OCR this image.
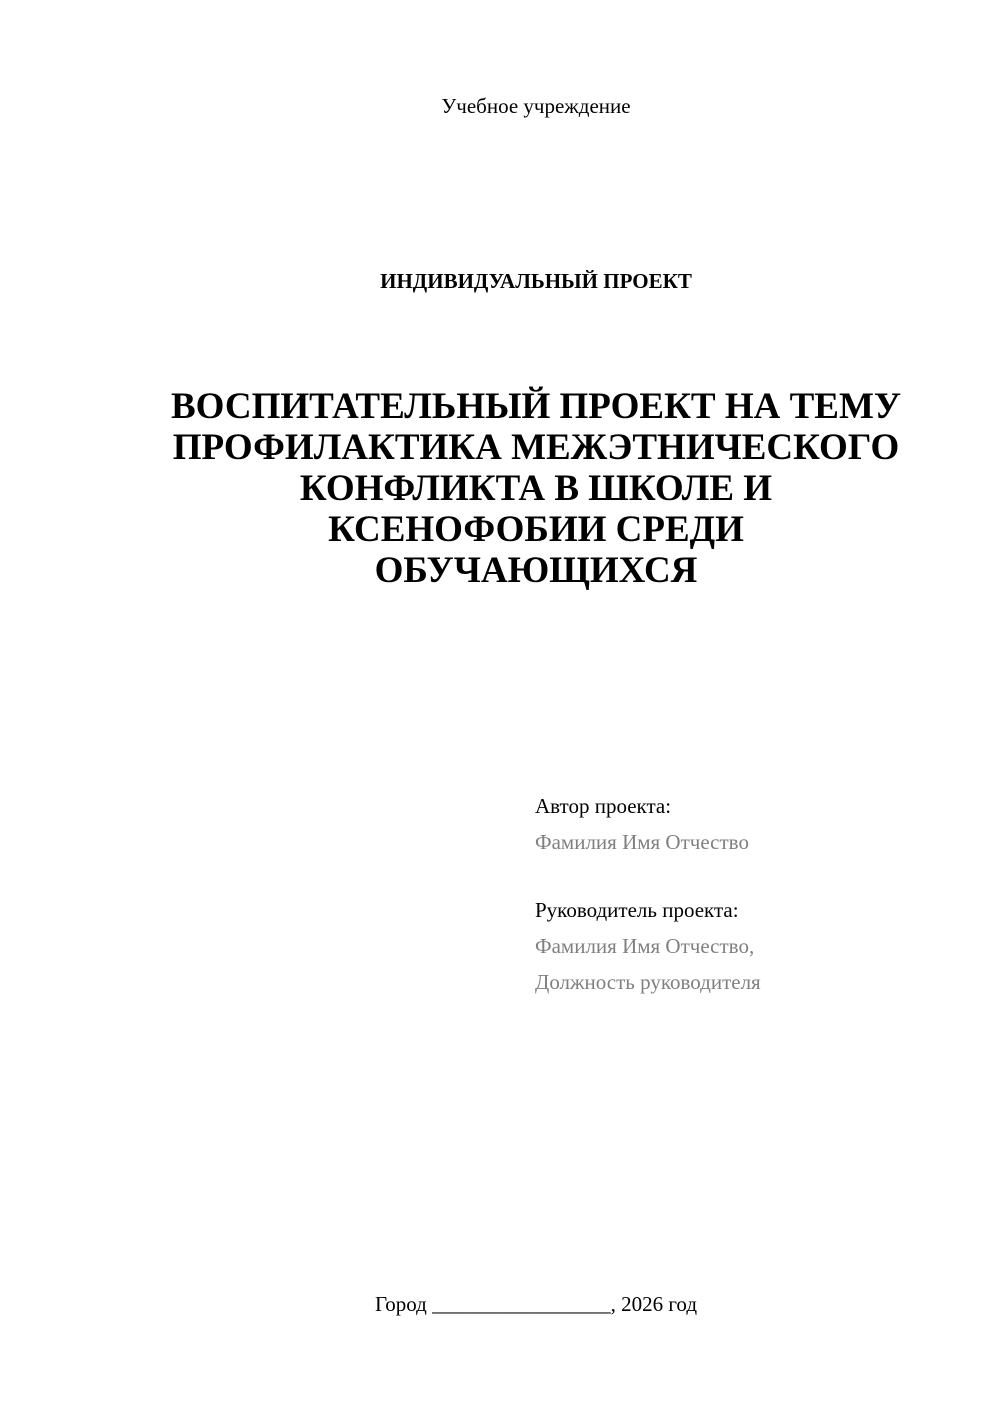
Учебное учреждение
ИНДИВИДУАЛЬНЫЙ ПРОЕКТ
ВОСПИТАТЕЛЬНЫЙ ПРОЕКТ НА ТЕМУ
ПРОФИЛАКТИКА МЕЖЭТНИЧЕСКОГО
КОНФЛИКТА В ШКОЛЕ И
КСЕНОФОБИИ СРЕДИ
ОБУЧАЮЩИХСЯ
Автор проекта:
Фамилия Имя Отчество
Руководитель проекта:
Фамилия Имя Отчество,
Должность руководителя
Город _________________, 2026 год
